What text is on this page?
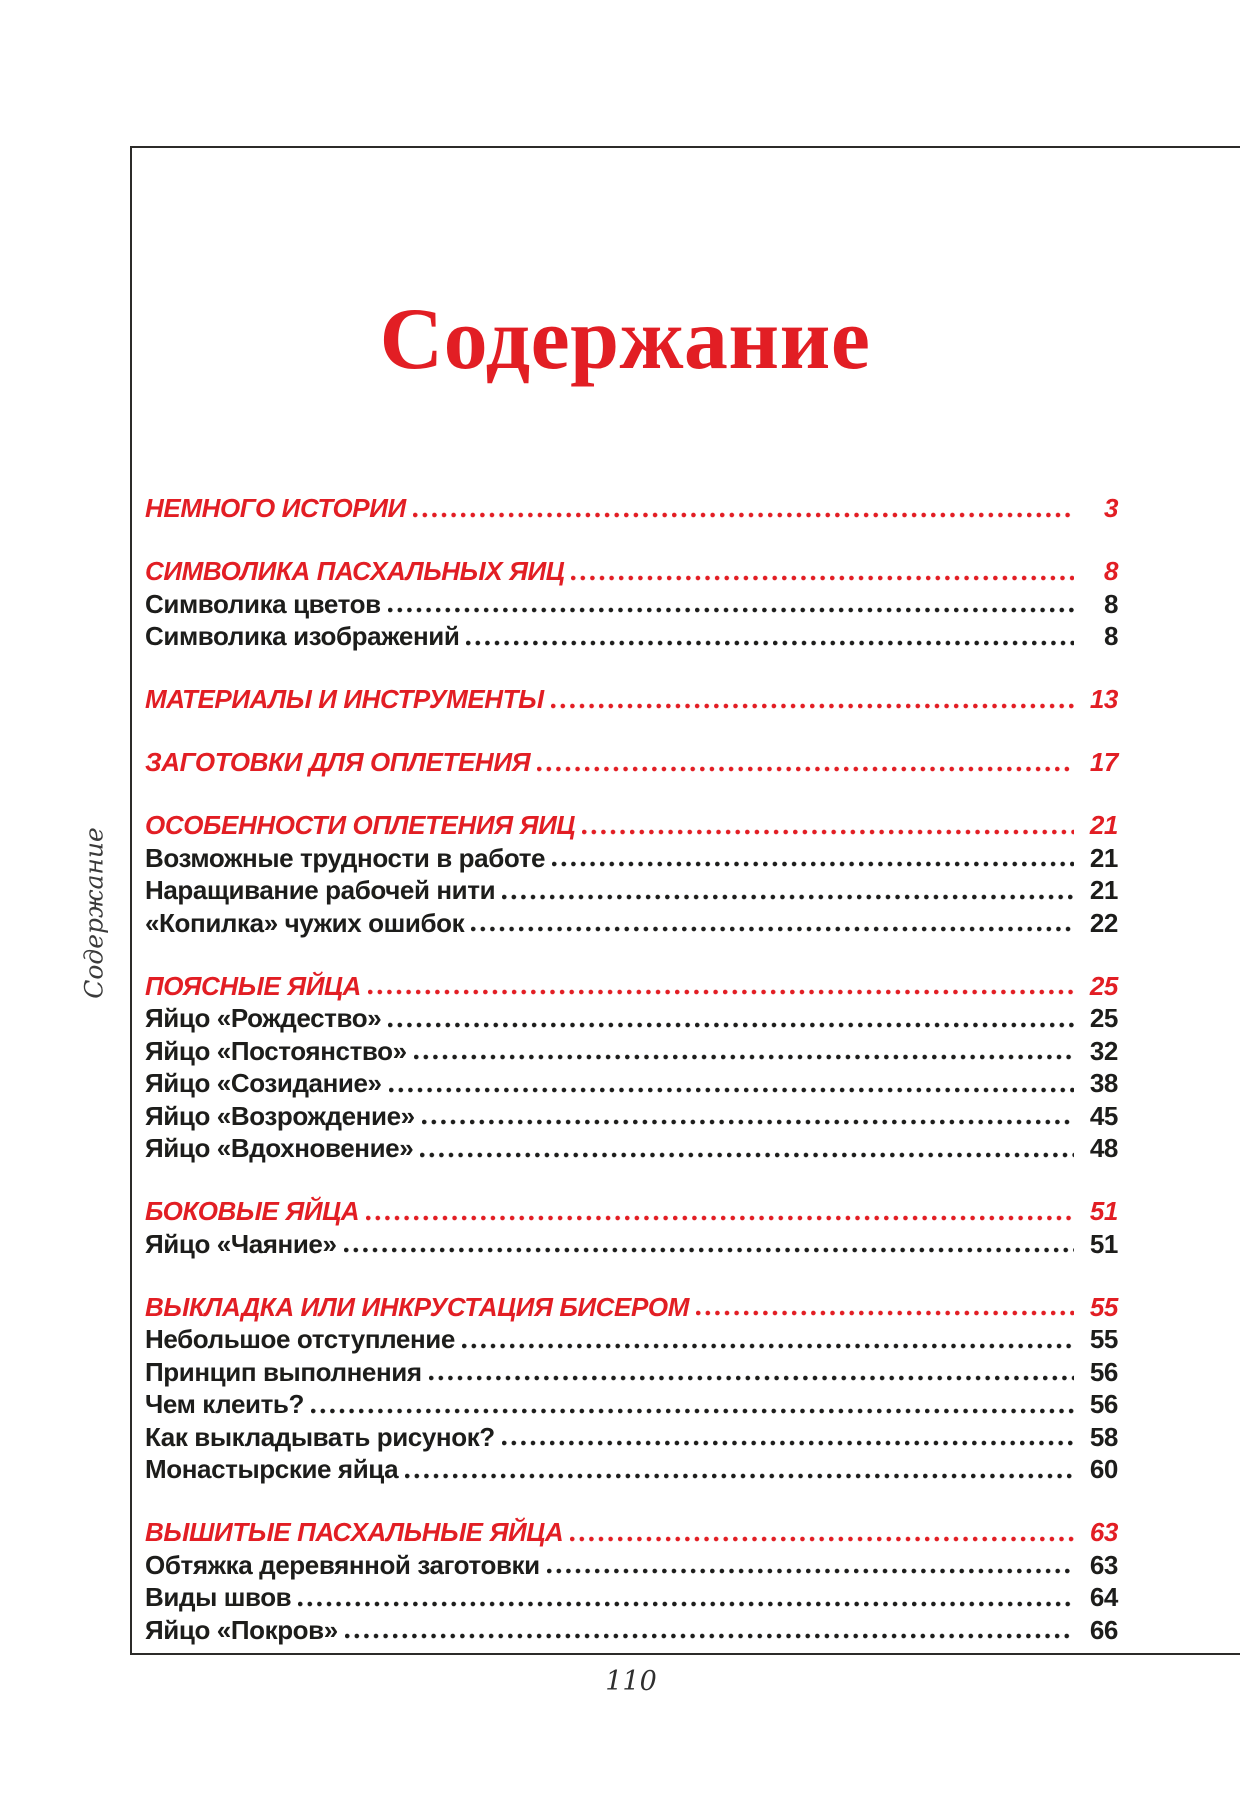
Содержание
НЕМНОГО ИСТОРИИ	3
СИМВОЛИКА ПАСХАЛЬНЫХ ЯИЦ	8
Символика цветов	8
Символика изображений	8
МАТЕРИАЛЫ И ИНСТРУМЕНТЫ	13
ЗАГОТОВКИ ДЛЯ ОПЛЕТЕНИЯ	17
ОСОБЕННОСТИ ОПЛЕТЕНИЯ ЯИЦ	21
Возможные трудности в работе	21
Наращивание рабочей нити	21
«Копилка» чужих ошибок	22
ПОЯСНЫЕ ЯЙЦА	25
Яйцо «Рождество»	25
Яйцо «Постоянство»	32
Яйцо «Созидание»	38
Яйцо «Возрождение»	45
Яйцо «Вдохновение»	48
БОКОВЫЕ ЯЙЦА	51
Яйцо «Чаяние»	51
ВЫКЛАДКА ИЛИ ИНКРУСТАЦИЯ БИСЕРОМ	55
Небольшое отступление	55
Принцип выполнения	56
Чем клеить?	56
Как выкладывать рисунок?	58
Монастырские яйца	60
ВЫШИТЫЕ ПАСХАЛЬНЫЕ ЯЙЦА	63
Обтяжка деревянной заготовки	63
Виды швов	64
Яйцо «Покров»	66
Содержание
110
